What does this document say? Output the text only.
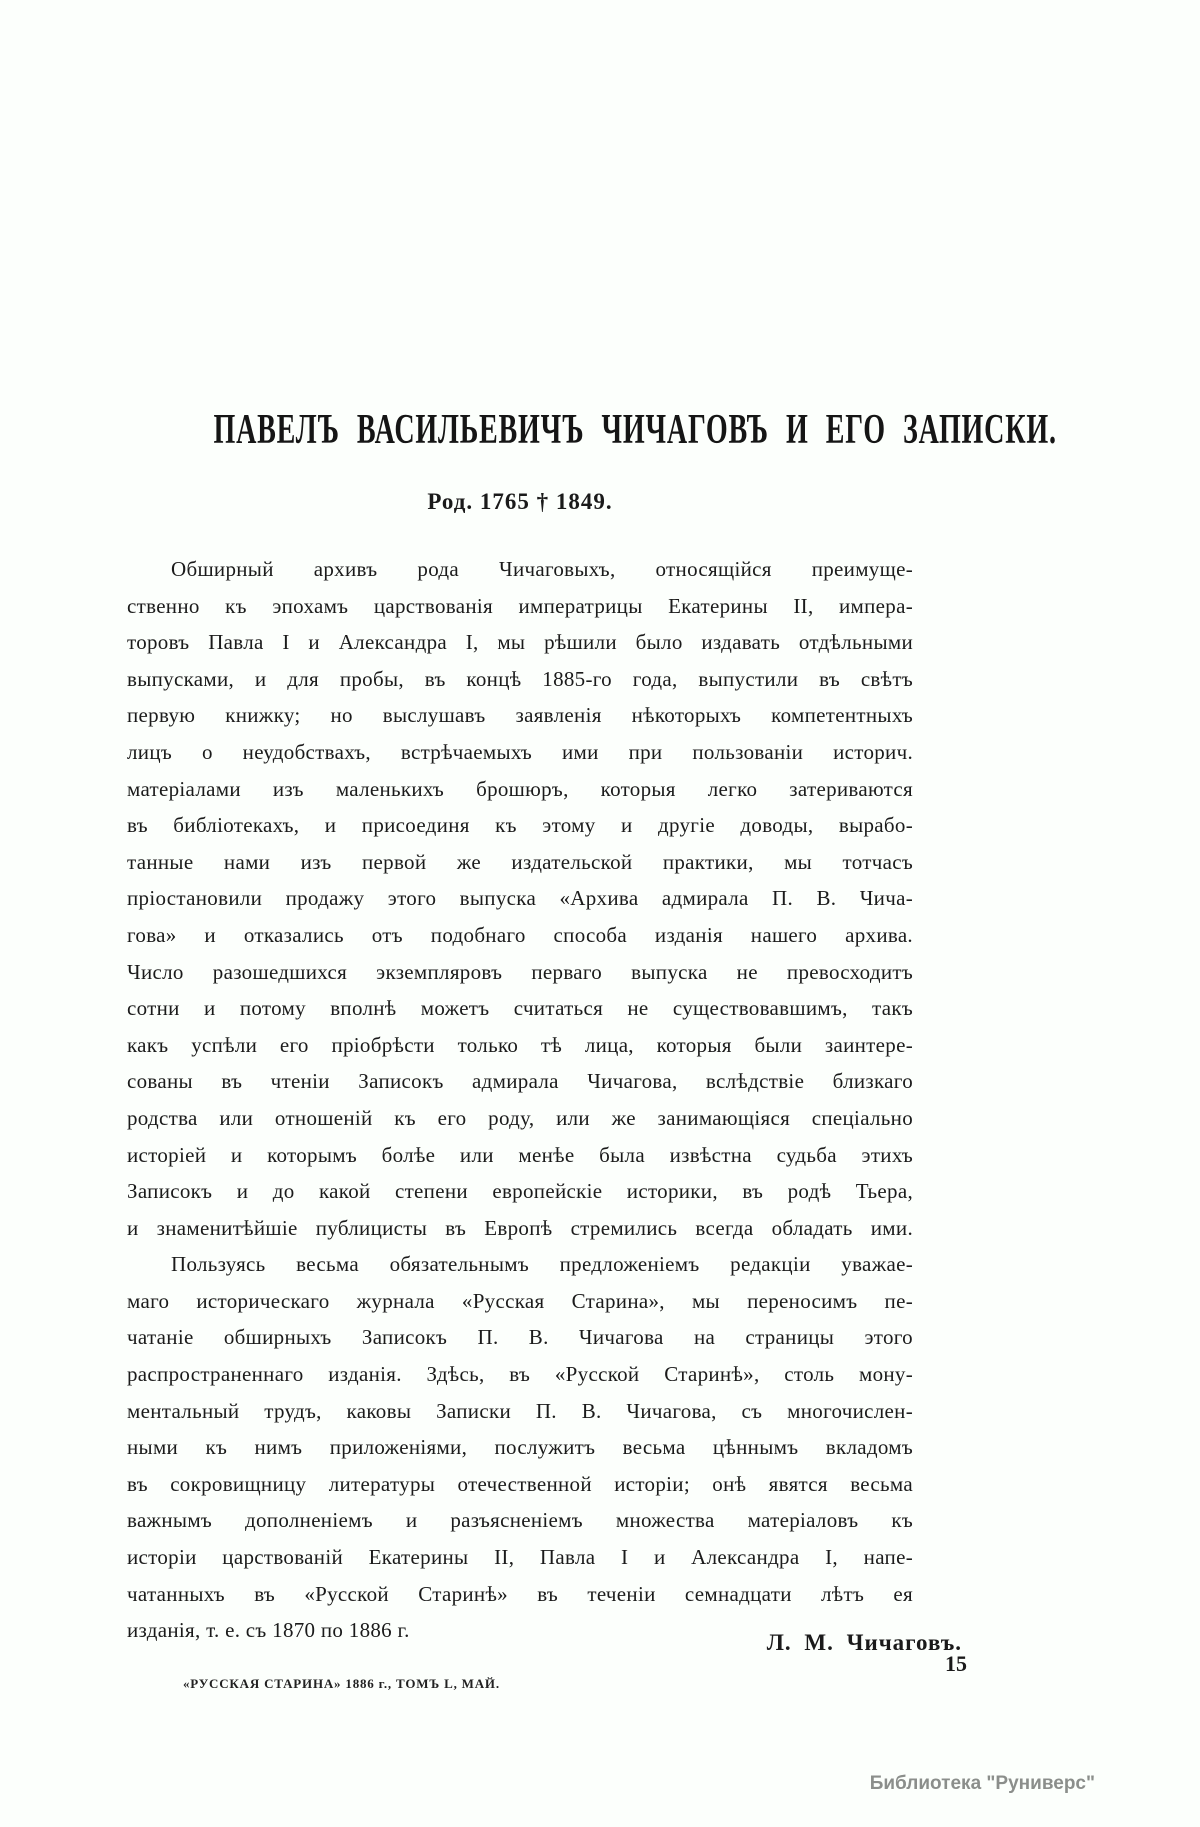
ПАВЕЛЪ ВАСИЛЬЕВИЧЪ ЧИЧАГОВЪ И ЕГО ЗАПИСКИ.
Род. 1765 † 1849.
Обширный архивъ рода Чичаговыхъ, относящійся преимуще-
ственно къ эпохамъ царствованія императрицы Екатерины II, импера-
торовъ Павла I и Александра I, мы рѣшили было издавать отдѣльными
выпусками, и для пробы, въ концѣ 1885-го года, выпустили въ свѣтъ
первую книжку; но выслушавъ заявленія нѣкоторыхъ компетентныхъ
лицъ о неудобствахъ, встрѣчаемыхъ ими при пользованіи историч.
матеріалами изъ маленькихъ брошюръ, которыя легко затериваются
въ библіотекахъ, и присоединя къ этому и другіе доводы, вырабо-
танные нами изъ первой же издательской практики, мы тотчасъ
пріостановили продажу этого выпуска «Архива адмирала П. В. Чича-
гова» и отказались отъ подобнаго способа изданія нашего архива.
Число разошедшихся экземпляровъ перваго выпуска не превосходитъ
сотни и потому вполнѣ можетъ считаться не существовавшимъ, такъ
какъ успѣли его пріобрѣсти только тѣ лица, которыя были заинтере-
сованы въ чтеніи Записокъ адмирала Чичагова, вслѣдствіе близкаго
родства или отношеній къ его роду, или же занимающіяся спеціально
исторіей и которымъ болѣе или менѣе была извѣстна судьба этихъ
Записокъ и до какой степени европейскіе историки, въ родѣ Тьера,
и знаменитѣйшіе публицисты въ Европѣ стремились всегда обладать ими.
Пользуясь весьма обязательнымъ предложеніемъ редакціи уважае-
маго историческаго журнала «Русская Старина», мы переносимъ пе-
чатаніе обширныхъ Записокъ П. В. Чичагова на страницы этого
распространеннаго изданія. Здѣсь, въ «Русской Старинѣ», столь мону-
ментальный трудъ, каковы Записки П. В. Чичагова, съ многочислен-
ными къ нимъ приложеніями, послужитъ весьма цѣннымъ вкладомъ
въ сокровищницу литературы отечественной исторіи; онѣ явятся весьма
важнымъ дополненіемъ и разъясненіемъ множества матеріаловъ къ
исторіи царствованій Екатерины II, Павла I и Александра I, напе-
чатанныхъ въ «Русской Старинѣ» въ теченіи семнадцати лѣтъ ея
изданія, т. е. съ 1870 по 1886 г.	Л. М. Чичаговъ.
15
«РУССКАЯ СТАРИНА» 1886 г., ТОМЪ L, МАЙ.
Библиотека "Руниверс"
